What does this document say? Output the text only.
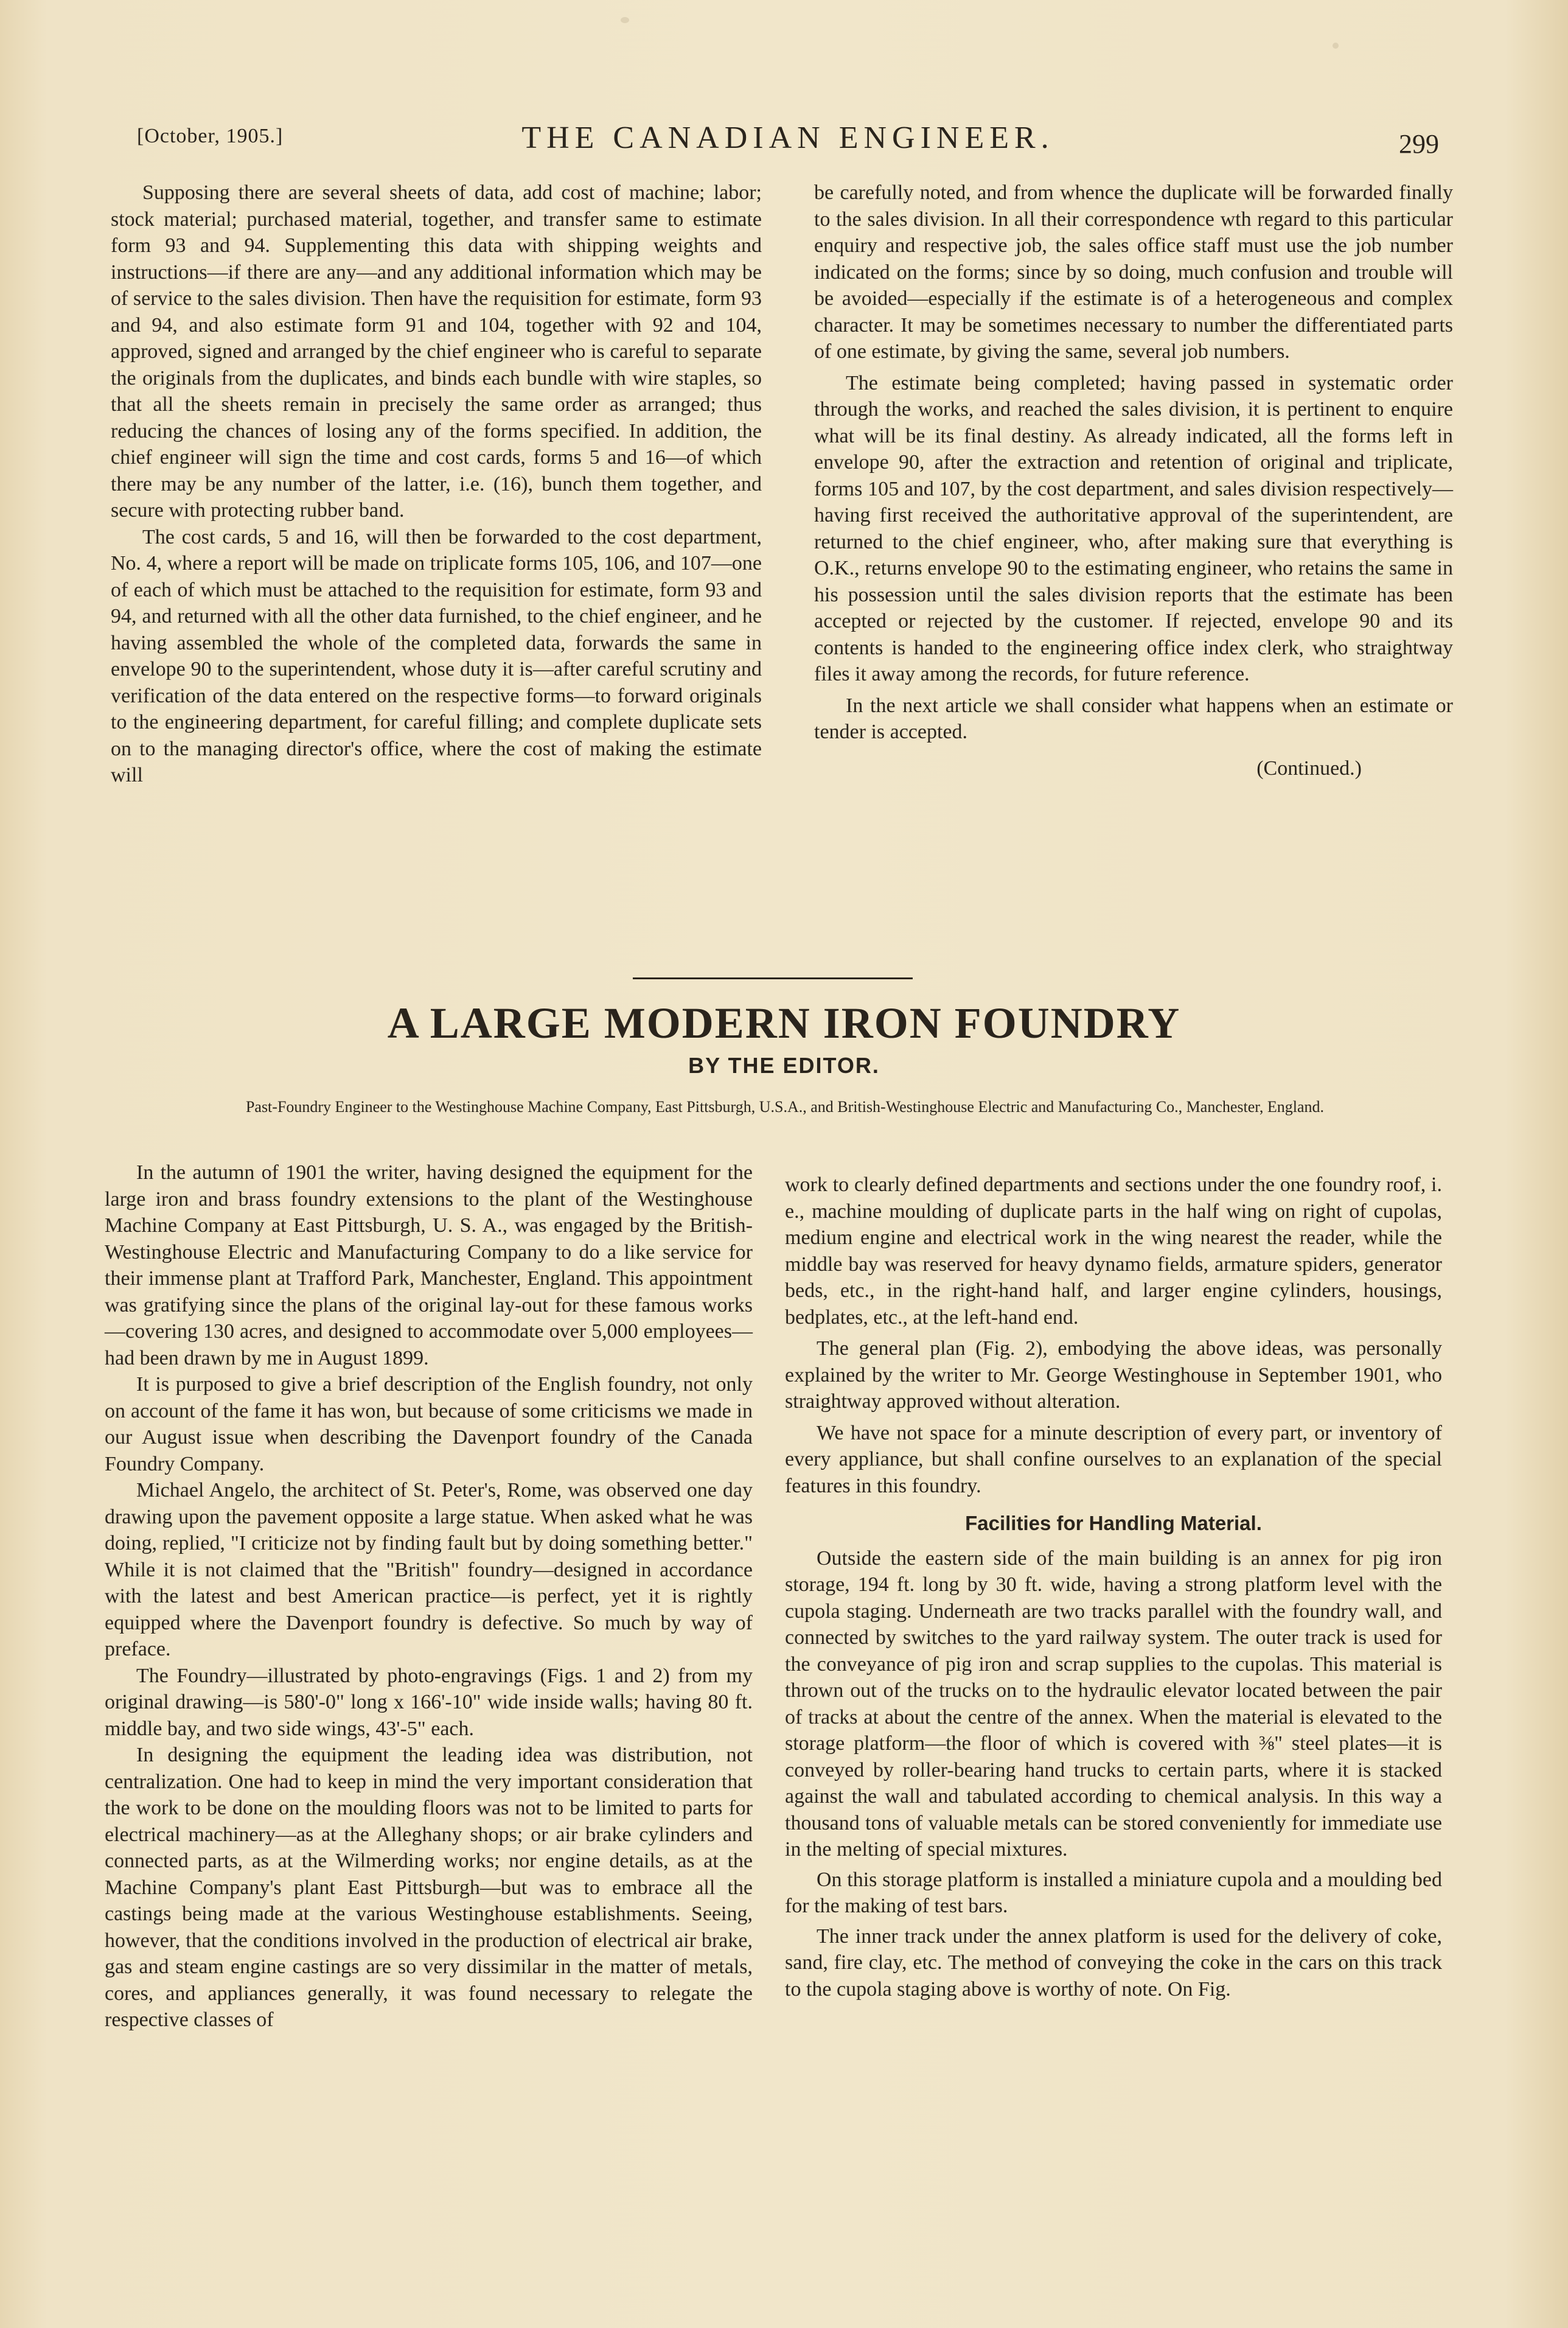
[October, 1905.]	THE CANADIAN ENGINEER.	299

Supposing there are several sheets of data, add cost of machine; labor; stock material; purchased material, together, and transfer same to estimate form 93 and 94. Supplementing this data with shipping weights and instructions—if there are any—and any additional information which may be of service to the sales division. Then have the requisition for estimate, form 93 and 94, and also estimate form 91 and 104, together with 92 and 104, approved, signed and arranged by the chief engineer who is careful to separate the originals from the duplicates, and binds each bundle with wire staples, so that all the sheets remain in precisely the same order as arranged; thus reducing the chances of losing any of the forms specified. In addition, the chief engineer will sign the time and cost cards, forms 5 and 16—of which there may be any number of the latter, i.e. (16), bunch them together, and secure with protecting rubber band.

The cost cards, 5 and 16, will then be forwarded to the cost department, No. 4, where a report will be made on triplicate forms 105, 106, and 107—one of each of which must be attached to the requisition for estimate, form 93 and 94, and returned with all the other data furnished, to the chief engineer, and he having assembled the whole of the completed data, forwards the same in envelope 90 to the superintendent, whose duty it is—after careful scrutiny and verification of the data entered on the respective forms—to forward originals to the engineering department, for careful filling; and complete duplicate sets on to the managing director's office, where the cost of making the estimate will

be carefully noted, and from whence the duplicate will be forwarded finally to the sales division. In all their correspondence wth regard to this particular enquiry and respective job, the sales office staff must use the job number indicated on the forms; since by so doing, much confusion and trouble will be avoided—especially if the estimate is of a heterogeneous and complex character. It may be sometimes necessary to number the differentiated parts of one estimate, by giving the same, several job numbers.

The estimate being completed; having passed in systematic order through the works, and reached the sales division, it is pertinent to enquire what will be its final destiny. As already indicated, all the forms left in envelope 90, after the extraction and retention of original and triplicate, forms 105 and 107, by the cost department, and sales division respectively—having first received the authoritative approval of the superintendent, are returned to the chief engineer, who, after making sure that everything is O.K., returns envelope 90 to the estimating engineer, who retains the same in his possession until the sales division reports that the estimate has been accepted or rejected by the customer. If rejected, envelope 90 and its contents is handed to the engineering office index clerk, who straightway files it away among the records, for future reference.

In the next article we shall consider what happens when an estimate or tender is accepted.

(Continued.)

A LARGE MODERN IRON FOUNDRY
BY THE EDITOR.
Past-Foundry Engineer to the Westinghouse Machine Company, East Pittsburgh, U.S.A., and British-Westinghouse Electric and Manufacturing Co., Manchester, England.

In the autumn of 1901 the writer, having designed the equipment for the large iron and brass foundry extensions to the plant of the Westinghouse Machine Company at East Pittsburgh, U. S. A., was engaged by the British-Westinghouse Electric and Manufacturing Company to do a like service for their immense plant at Trafford Park, Manchester, England. This appointment was gratifying since the plans of the original lay-out for these famous works—covering 130 acres, and designed to accommodate over 5,000 employees—had been drawn by me in August 1899.

It is purposed to give a brief description of the English foundry, not only on account of the fame it has won, but because of some criticisms we made in our August issue when describing the Davenport foundry of the Canada Foundry Company.

Michael Angelo, the architect of St. Peter's, Rome, was observed one day drawing upon the pavement opposite a large statue. When asked what he was doing, replied, "I criticize not by finding fault but by doing something better." While it is not claimed that the "British" foundry—designed in accordance with the latest and best American practice—is perfect, yet it is rightly equipped where the Davenport foundry is defective. So much by way of preface.

The Foundry—illustrated by photo-engravings (Figs. 1 and 2) from my original drawing—is 580'-0" long x 166'-10" wide inside walls; having 80 ft. middle bay, and two side wings, 43'-5" each.

In designing the equipment the leading idea was distribution, not centralization. One had to keep in mind the very important consideration that the work to be done on the moulding floors was not to be limited to parts for electrical machinery—as at the Alleghany shops; or air brake cylinders and connected parts, as at the Wilmerding works; nor engine details, as at the Machine Company's plant East Pittsburgh—but was to embrace all the castings being made at the various Westinghouse establishments. Seeing, however, that the conditions involved in the production of electrical air brake, gas and steam engine castings are so very dissimilar in the matter of metals, cores, and appliances generally, it was found necessary to relegate the respective classes of

work to clearly defined departments and sections under the one foundry roof, i. e., machine moulding of duplicate parts in the half wing on right of cupolas, medium engine and electrical work in the wing nearest the reader, while the middle bay was reserved for heavy dynamo fields, armature spiders, generator beds, etc., in the right-hand half, and larger engine cylinders, housings, bedplates, etc., at the left-hand end.

The general plan (Fig. 2), embodying the above ideas, was personally explained by the writer to Mr. George Westinghouse in September 1901, who straightway approved without alteration.

We have not space for a minute description of every part, or inventory of every appliance, but shall confine ourselves to an explanation of the special features in this foundry.

Facilities for Handling Material.

Outside the eastern side of the main building is an annex for pig iron storage, 194 ft. long by 30 ft. wide, having a strong platform level with the cupola staging. Underneath are two tracks parallel with the foundry wall, and connected by switches to the yard railway system. The outer track is used for the conveyance of pig iron and scrap supplies to the cupolas. This material is thrown out of the trucks on to the hydraulic elevator located between the pair of tracks at about the centre of the annex. When the material is elevated to the storage platform—the floor of which is covered with ⅜" steel plates—it is conveyed by roller-bearing hand trucks to certain parts, where it is stacked against the wall and tabulated according to chemical analysis. In this way a thousand tons of valuable metals can be stored conveniently for immediate use in the melting of special mixtures.

On this storage platform is installed a miniature cupola and a moulding bed for the making of test bars.

The inner track under the annex platform is used for the delivery of coke, sand, fire clay, etc. The method of conveying the coke in the cars on this track to the cupola staging above is worthy of note. On Fig.
